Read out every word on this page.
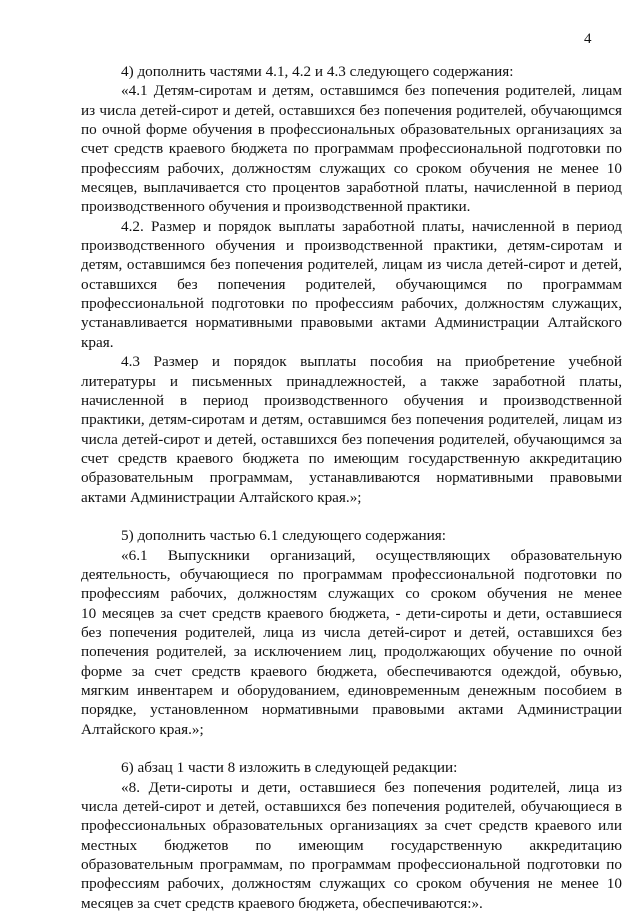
4
4) дополнить частями 4.1, 4.2 и 4.3 следующего содержания:
«4.1 Детям-сиротам и детям, оставшимся без попечения родителей, лицам
из числа детей-сирот и детей, оставшихся без попечения родителей, обучающимся
по очной форме обучения в профессиональных образовательных организациях за
счет средств краевого бюджета по программам профессиональной подготовки по
профессиям рабочих, должностям служащих со сроком обучения не менее 10
месяцев, выплачивается сто процентов заработной платы, начисленной в период
производственного обучения и производственной практики.
4.2. Размер и порядок выплаты заработной платы, начисленной в период
производственного обучения и производственной практики, детям-сиротам и
детям, оставшимся без попечения родителей, лицам из числа детей-сирот и детей,
оставшихся без попечения родителей, обучающимся по программам
профессиональной подготовки по профессиям рабочих, должностям служащих,
устанавливается нормативными правовыми актами Администрации Алтайского
края.
4.3 Размер и порядок выплаты пособия на приобретение учебной
литературы и письменных принадлежностей, а также заработной платы,
начисленной в период производственного обучения и производственной
практики, детям-сиротам и детям, оставшимся без попечения родителей, лицам из
числа детей-сирот и детей, оставшихся без попечения родителей, обучающимся за
счет средств краевого бюджета по имеющим государственную аккредитацию
образовательным программам, устанавливаются нормативными правовыми
актами Администрации Алтайского края.»;
5) дополнить частью 6.1 следующего содержания:
«6.1 Выпускники организаций, осуществляющих образовательную
деятельность, обучающиеся по программам профессиональной подготовки по
профессиям рабочих, должностям служащих со сроком обучения не менее
10 месяцев за счет средств краевого бюджета, - дети-сироты и дети, оставшиеся
без попечения родителей, лица из числа детей-сирот и детей, оставшихся без
попечения родителей, за исключением лиц, продолжающих обучение по очной
форме за счет средств краевого бюджета, обеспечиваются одеждой, обувью,
мягким инвентарем и оборудованием, единовременным денежным пособием в
порядке, установленном нормативными правовыми актами Администрации
Алтайского края.»;
6) абзац 1 части 8 изложить в следующей редакции:
«8. Дети-сироты и дети, оставшиеся без попечения родителей, лица из
числа детей-сирот и детей, оставшихся без попечения родителей, обучающиеся в
профессиональных образовательных организациях за счет средств краевого или
местных бюджетов по имеющим государственную аккредитацию
образовательным программам, по программам профессиональной подготовки по
профессиям рабочих, должностям служащих со сроком обучения не менее 10
месяцев за счет средств краевого бюджета, обеспечиваются:».
